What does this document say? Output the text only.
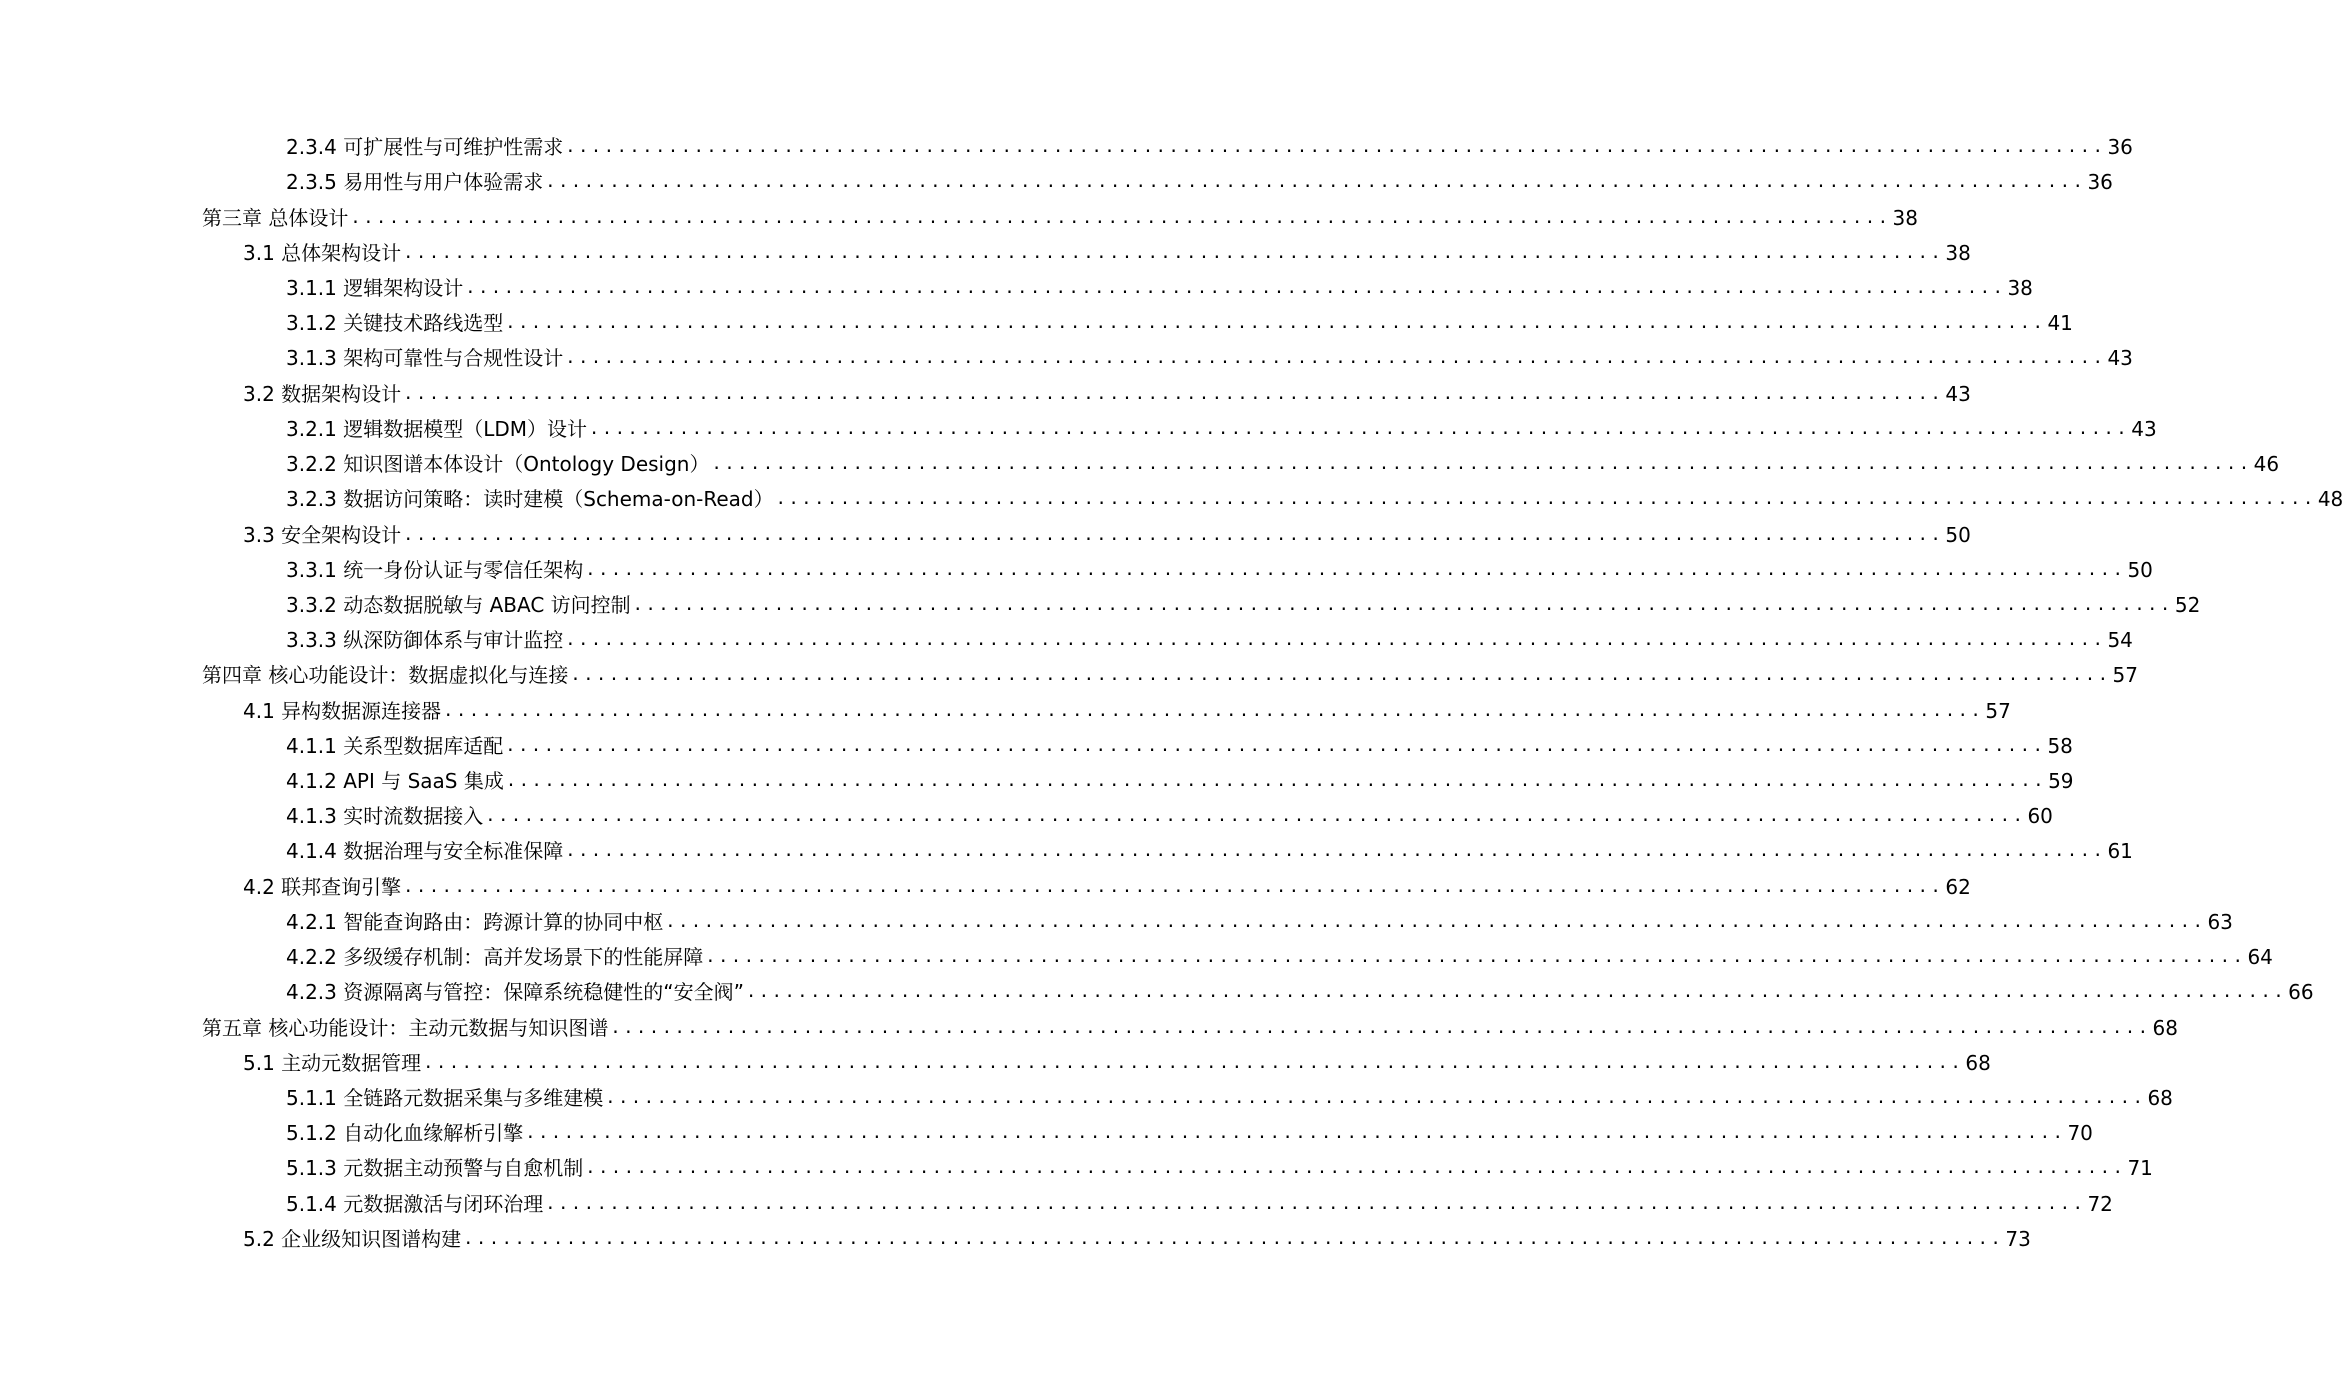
2.3.4 可扩展性与可维护性需求 ........................................................................................................................ 36
2.3.5 易用性与用户体验需求 ........................................................................................................................ 36
第三章 总体设计 ........................................................................................................................ 38
3.1 总体架构设计 ........................................................................................................................ 38
3.1.1 逻辑架构设计 ........................................................................................................................ 38
3.1.2 关键技术路线选型 ........................................................................................................................ 41
3.1.3 架构可靠性与合规性设计 ........................................................................................................................ 43
3.2 数据架构设计 ........................................................................................................................ 43
3.2.1 逻辑数据模型（LDM）设计 ........................................................................................................................ 43
3.2.2 知识图谱本体设计（Ontology Design） ........................................................................................................................ 46
3.2.3 数据访问策略：读时建模（Schema-on-Read） ........................................................................................................................ 48
3.3 安全架构设计 ........................................................................................................................ 50
3.3.1 统一身份认证与零信任架构 ........................................................................................................................ 50
3.3.2 动态数据脱敏与 ABAC 访问控制 ........................................................................................................................ 52
3.3.3 纵深防御体系与审计监控 ........................................................................................................................ 54
第四章 核心功能设计：数据虚拟化与连接 ........................................................................................................................ 57
4.1 异构数据源连接器 ........................................................................................................................ 57
4.1.1 关系型数据库适配 ........................................................................................................................ 58
4.1.2 API 与 SaaS 集成 ........................................................................................................................ 59
4.1.3 实时流数据接入 ........................................................................................................................ 60
4.1.4 数据治理与安全标准保障 ........................................................................................................................ 61
4.2 联邦查询引擎 ........................................................................................................................ 62
4.2.1 智能查询路由：跨源计算的协同中枢 ........................................................................................................................ 63
4.2.2 多级缓存机制：高并发场景下的性能屏障 ........................................................................................................................ 64
4.2.3 资源隔离与管控：保障系统稳健性的“安全阀” ........................................................................................................................ 66
第五章 核心功能设计：主动元数据与知识图谱 ........................................................................................................................ 68
5.1 主动元数据管理 ........................................................................................................................ 68
5.1.1 全链路元数据采集与多维建模 ........................................................................................................................ 68
5.1.2 自动化血缘解析引擎 ........................................................................................................................ 70
5.1.3 元数据主动预警与自愈机制 ........................................................................................................................ 71
5.1.4 元数据激活与闭环治理 ........................................................................................................................ 72
5.2 企业级知识图谱构建 ........................................................................................................................ 73
